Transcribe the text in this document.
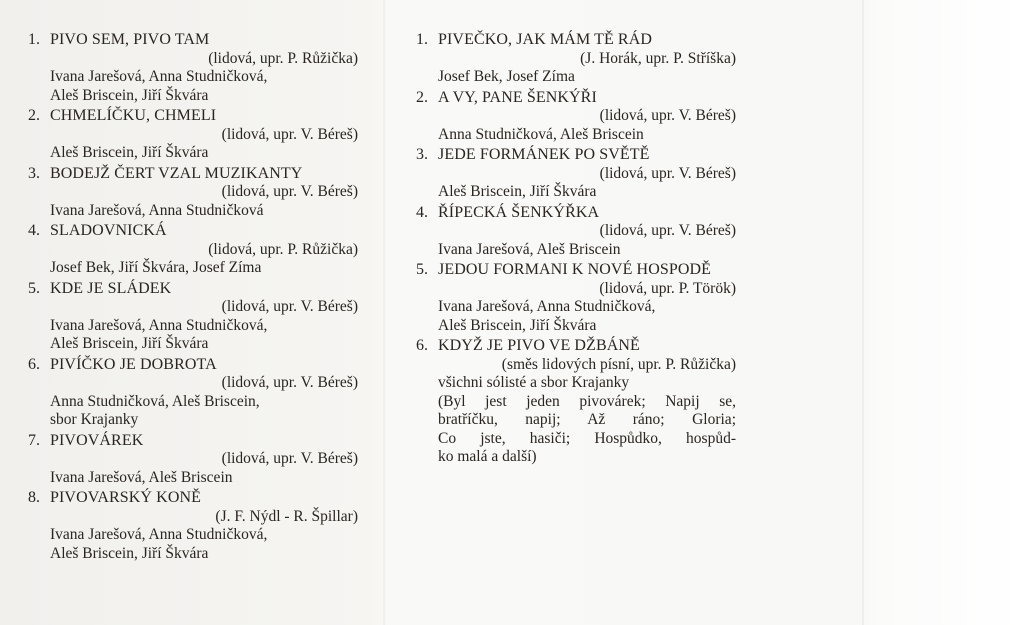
1. PIVO SEM, PIVO TAM
(lidová, upr. P. Růžička)
Ivana Jarešová, Anna Studničková,
Aleš Briscein, Jiří Škvára
2. CHMELÍČKU, CHMELI
(lidová, upr. V. Béreš)
Aleš Briscein, Jiří Škvára
3. BODEJŽ ČERT VZAL MUZIKANTY
(lidová, upr. V. Béreš)
Ivana Jarešová, Anna Studničková
4. SLADOVNICKÁ
(lidová, upr. P. Růžička)
Josef Bek, Jiří Škvára, Josef Zíma
5. KDE JE SLÁDEK
(lidová, upr. V. Béreš)
Ivana Jarešová, Anna Studničková,
Aleš Briscein, Jiří Škvára
6. PIVÍČKO JE DOBROTA
(lidová, upr. V. Béreš)
Anna Studničková, Aleš Briscein,
sbor Krajanky
7. PIVOVÁREK
(lidová, upr. V. Béreš)
Ivana Jarešová, Aleš Briscein
8. PIVOVARSKÝ KONĚ
(J. F. Nýdl - R. Špillar)
Ivana Jarešová, Anna Studničková,
Aleš Briscein, Jiří Škvára
1. PIVEČKO, JAK MÁM TĚ RÁD
(J. Horák, upr. P. Stříška)
Josef Bek, Josef Zíma
2. A VY, PANE ŠENKÝŘI
(lidová, upr. V. Béreš)
Anna Studničková, Aleš Briscein
3. JEDE FORMÁNEK PO SVĚTĚ
(lidová, upr. V. Béreš)
Aleš Briscein, Jiří Škvára
4. ŘÍPECKÁ ŠENKÝŘKA
(lidová, upr. V. Béreš)
Ivana Jarešová, Aleš Briscein
5. JEDOU FORMANI K NOVÉ HOSPODĚ
(lidová, upr. P. Török)
Ivana Jarešová, Anna Studničková,
Aleš Briscein, Jiří Škvára
6. KDYŽ JE PIVO VE DŽBÁNĚ
(směs lidových písní, upr. P. Růžička)
všichni sólisté a sbor Krajanky
(Byl jest jeden pivovárek; Napij se,
bratříčku, napij; Až ráno; Gloria;
Co jste, hasiči; Hospůdko, hospůd-
ko malá a další)
